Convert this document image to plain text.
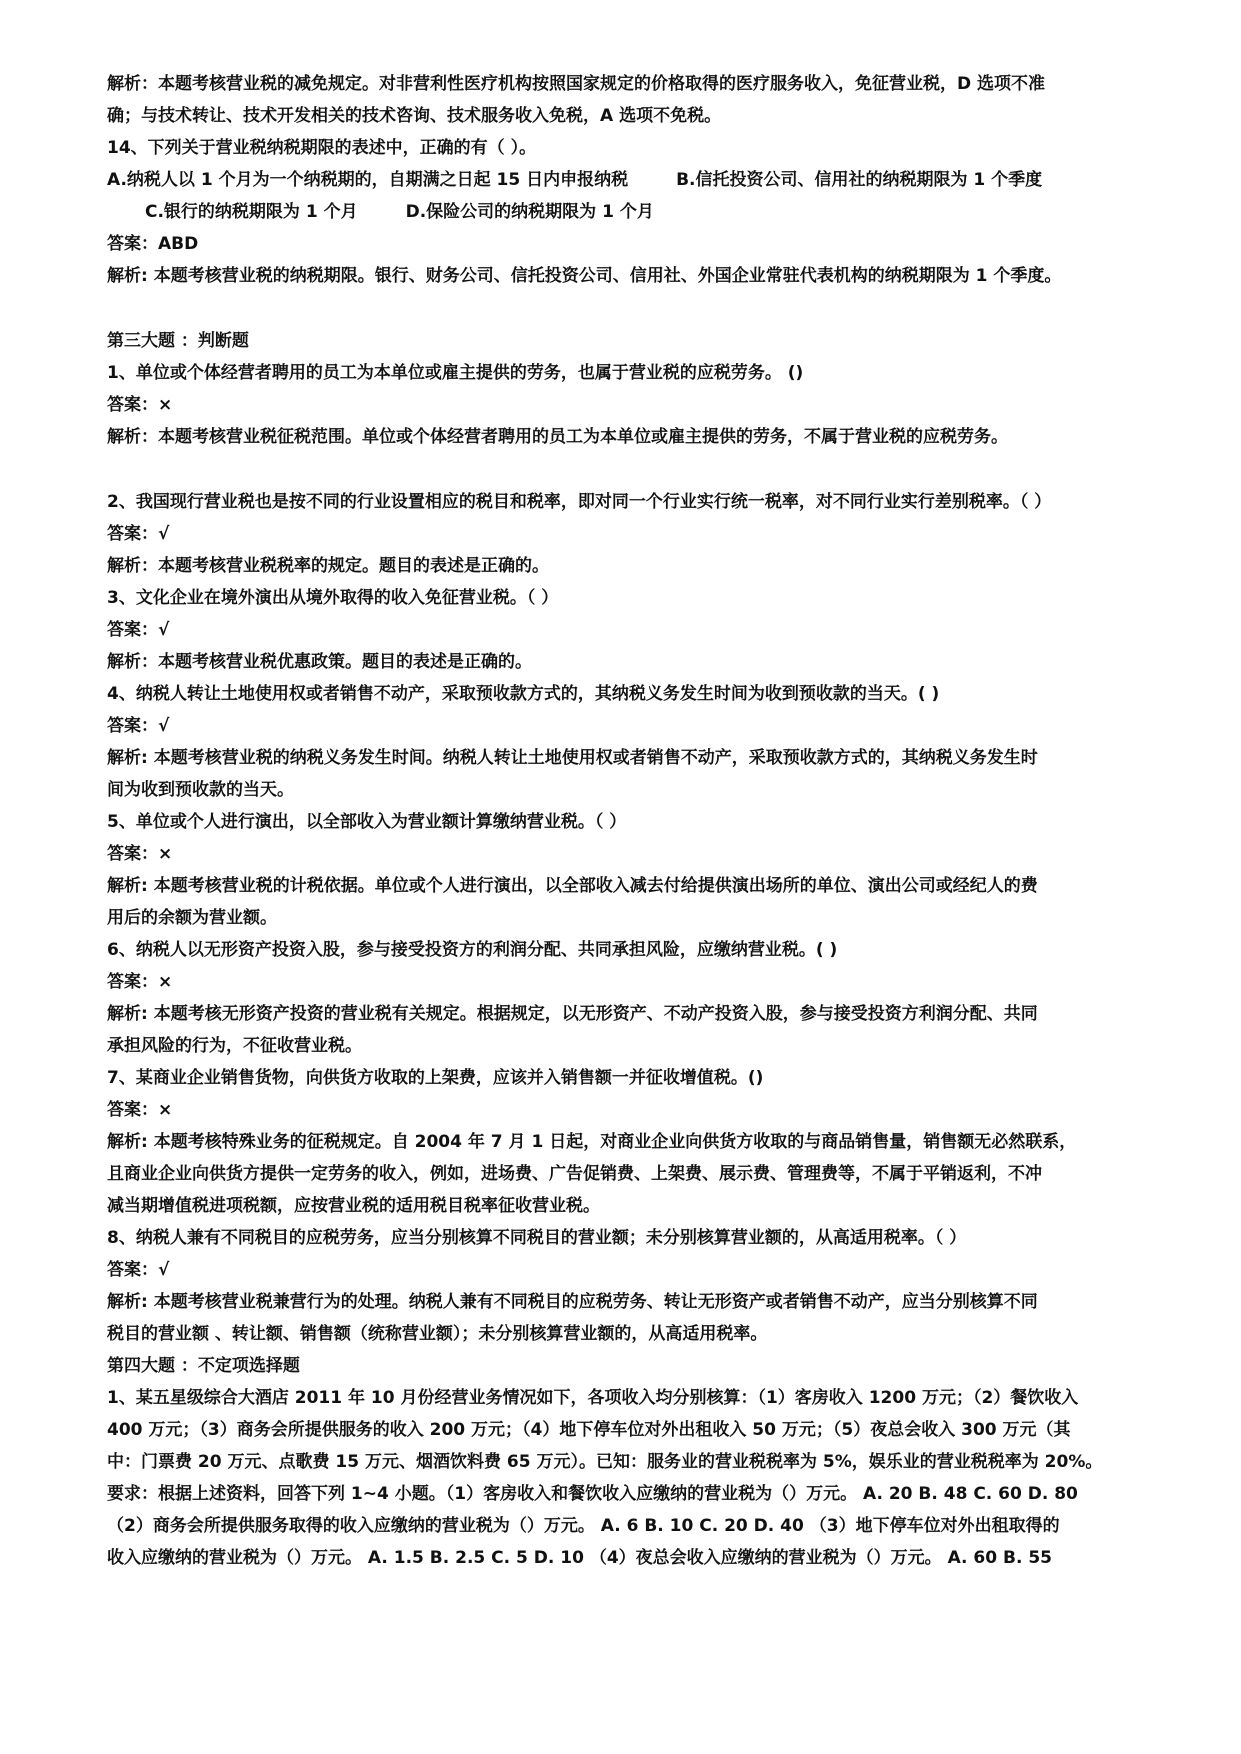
解析：本题考核营业税的减免规定。对非营利性医疗机构按照国家规定的价格取得的医疗服务收入，免征营业税，D 选项不准

确；与技术转让、技术开发相关的技术咨询、技术服务收入免税，A 选项不免税。

14、下列关于营业税纳税期限的表述中，正确的有（ ）。

A.纳税人以 1 个月为一个纳税期的，自期满之日起 15 日内申报纳税	B.信托投资公司、信用社的纳税期限为 1 个季度
C.银行的纳税期限为 1 个月	D.保险公司的纳税期限为 1 个月

答案：ABD

解析: 本题考核营业税的纳税期限。银行、财务公司、信托投资公司、信用社、外国企业常驻代表机构的纳税期限为 1 个季度。

第三大题 ：判断题

1、单位或个体经营者聘用的员工为本单位或雇主提供的劳务，也属于营业税的应税劳务。 ()

答案：×

解析：本题考核营业税征税范围。单位或个体经营者聘用的员工为本单位或雇主提供的劳务，不属于营业税的应税劳务。

2、我国现行营业税也是按不同的行业设置相应的税目和税率，即对同一个行业实行统一税率，对不同行业实行差别税率。（ ）

答案：√

解析：本题考核营业税税率的规定。题目的表述是正确的。

3、文化企业在境外演出从境外取得的收入免征营业税。（ ）

答案：√

解析：本题考核营业税优惠政策。题目的表述是正确的。

4、纳税人转让土地使用权或者销售不动产，采取预收款方式的，其纳税义务发生时间为收到预收款的当天。( )

答案：√

解析: 本题考核营业税的纳税义务发生时间。纳税人转让土地使用权或者销售不动产，采取预收款方式的，其纳税义务发生时

间为收到预收款的当天。

5、单位或个人进行演出，以全部收入为营业额计算缴纳营业税。（ ）

答案：×

解析: 本题考核营业税的计税依据。单位或个人进行演出，以全部收入减去付给提供演出场所的单位、演出公司或经纪人的费

用后的余额为营业额。

6、纳税人以无形资产投资入股，参与接受投资方的利润分配、共同承担风险，应缴纳营业税。( )

答案：×

解析: 本题考核无形资产投资的营业税有关规定。根据规定，以无形资产、不动产投资入股，参与接受投资方利润分配、共同

承担风险的行为，不征收营业税。

7、某商业企业销售货物，向供货方收取的上架费，应该并入销售额一并征收增值税。()

答案：×

解析: 本题考核特殊业务的征税规定。自 2004 年 7 月 1 日起，对商业企业向供货方收取的与商品销售量，销售额无必然联系，

且商业企业向供货方提供一定劳务的收入，例如，进场费、广告促销费、上架费、展示费、管理费等，不属于平销返利，不冲

减当期增值税进项税额，应按营业税的适用税目税率征收营业税。

8、纳税人兼有不同税目的应税劳务，应当分别核算不同税目的营业额；未分别核算营业额的，从高适用税率。（ ）

答案：√

解析: 本题考核营业税兼营行为的处理。纳税人兼有不同税目的应税劳务、转让无形资产或者销售不动产，应当分别核算不同

税目的营业额 、转让额、销售额（统称营业额）；未分别核算营业额的，从高适用税率。

第四大题 ：不定项选择题

1、某五星级综合大酒店 2011 年 10 月份经营业务情况如下，各项收入均分别核算：（1）客房收入 1200 万元；（2）餐饮收入

400 万元；（3）商务会所提供服务的收入 200 万元；（4）地下停车位对外出租收入 50 万元；（5）夜总会收入 300 万元（其

中：门票费 20 万元、点歌费 15 万元、烟酒饮料费 65 万元）。已知：服务业的营业税税率为 5%，娱乐业的营业税税率为 20%。

要求：根据上述资料，回答下列 1~4 小题。（1）客房收入和餐饮收入应缴纳的营业税为（）万元。 A. 20 B. 48 C. 60 D. 80

（2）商务会所提供服务取得的收入应缴纳的营业税为（）万元。 A. 6 B. 10 C. 20 D. 40 （3）地下停车位对外出租取得的

收入应缴纳的营业税为（）万元。 A. 1.5 B. 2.5 C. 5 D. 10 （4）夜总会收入应缴纳的营业税为（）万元。 A. 60 B. 55
